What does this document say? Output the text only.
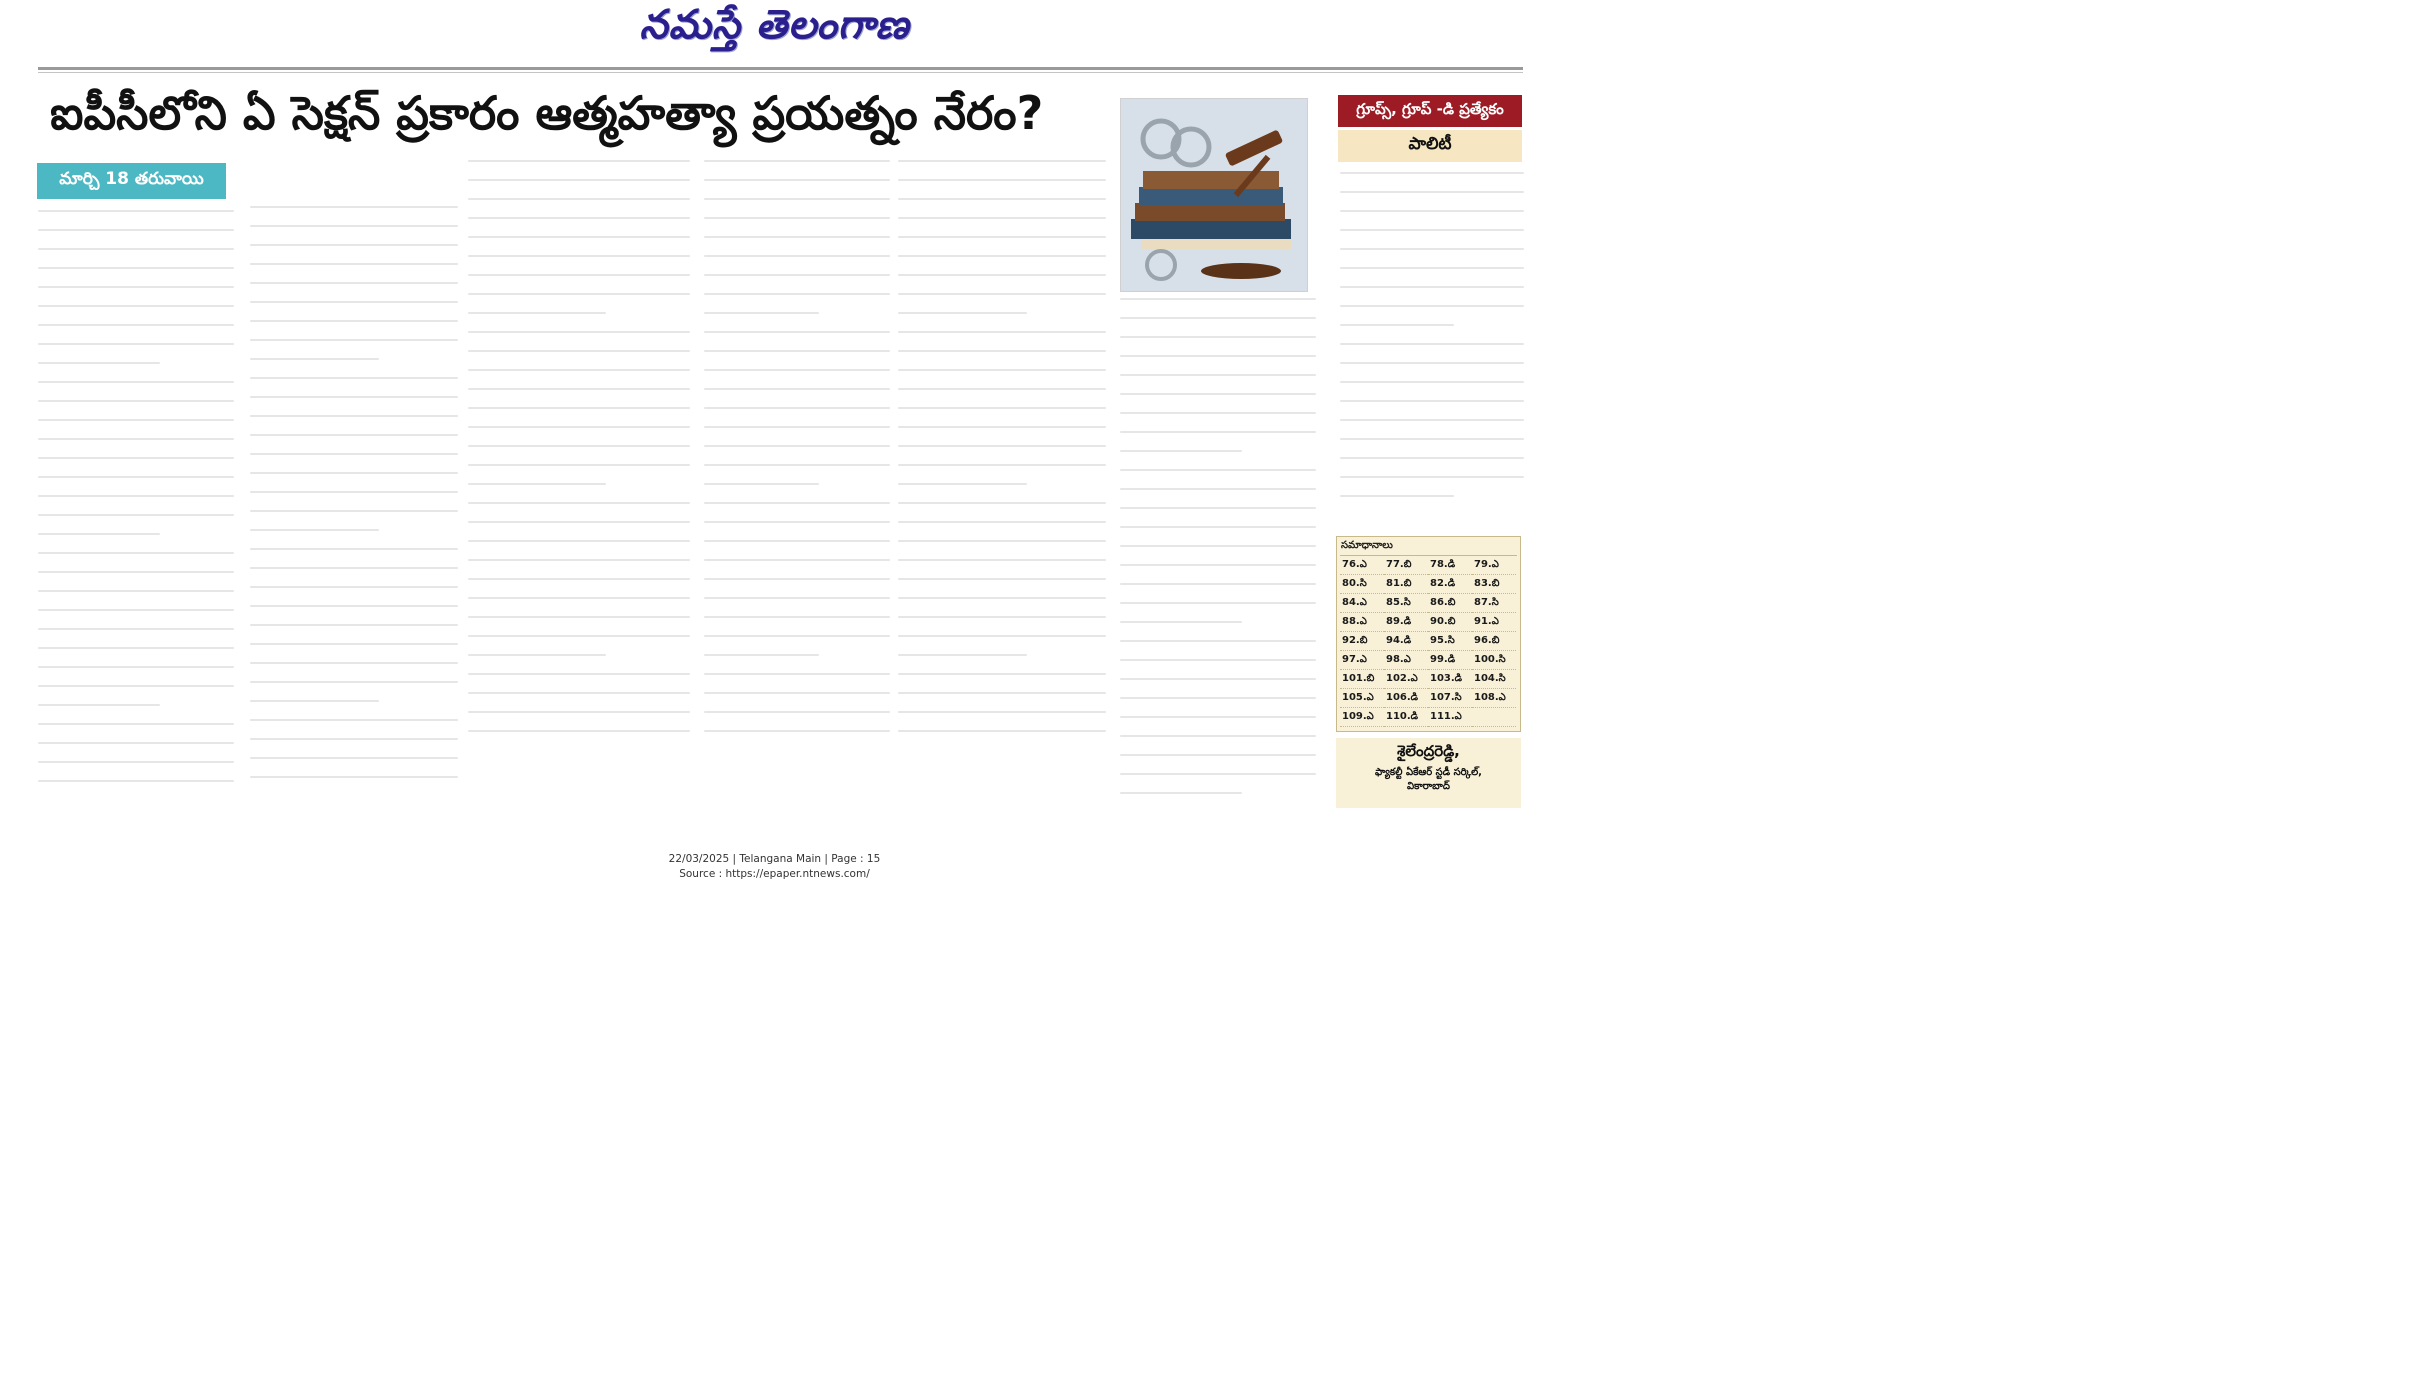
నమస్తే తెలంగాణ
ఐపీసీలోని ఏ సెక్షన్ ప్రకారం ఆత్మహత్యా ప్రయత్నం నేరం?
మార్చి 18 తరువాయి
గ్రూప్స్, గ్రూప్ -డి ప్రత్యేకం
పాలిటీ
సమాధానాలు
76.ఎ	77.బి	78.డి	79.ఎ
80.సి	81.బి	82.డి	83.బి
84.ఎ	85.సి	86.బి	87.సి
88.ఎ	89.డి	90.బి	91.ఎ
92.బి	94.డి	95.సి	96.బి
97.ఎ	98.ఎ	99.డి	100.సి
101.బి	102.ఎ	103.డి	104.సి
105.ఎ	106.డి	107.సి	108.ఎ
109.ఎ	110.డి	111.ఎ
శైలేంద్రరెడ్డి,
ఫ్యాకల్టీ ఏకేఆర్ స్టడీ సర్కిల్,
వికారాబాద్
22/03/2025 | Telangana Main | Page : 15
Source : https://epaper.ntnews.com/
